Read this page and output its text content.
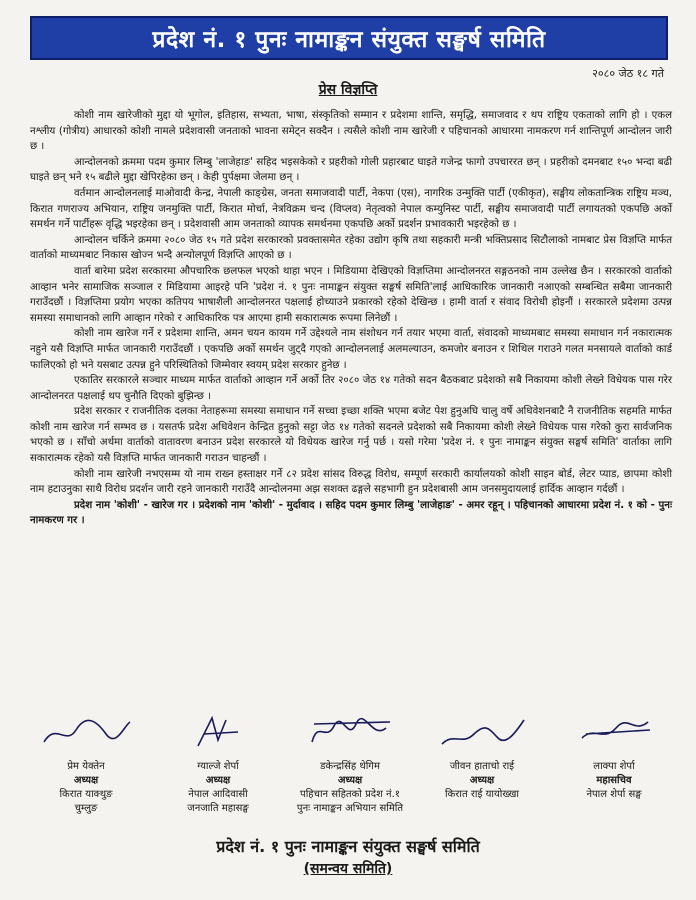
प्रदेश नं. १ पुनः नामाङ्कन संयुक्त सङ्घर्ष समिति
२०८० जेठ १८ गते
प्रेस विज्ञप्ति

कोशी नाम खारेजीको मुद्दा यो भूगोल, इतिहास, सभ्यता, भाषा, संस्कृतिको सम्मान र प्रदेशमा शान्ति, समृद्धि, समाजवाद र थप राष्ट्रिय एकताको लागि हो । एकल नश्लीय (गोत्रीय) आधारको कोशी नामले प्रदेशवासी जनताको भावना समेट्न सक्दैन । त्यसैले कोशी नाम खारेजी र पहिचानको आधारमा नामकरण गर्न शान्तिपूर्ण आन्दोलन जारी छ ।

आन्दोलनको क्रममा पदम कुमार लिम्बु 'लाजेहाङ' सहिद भइसकेको र प्रहरीको गोली प्रहारबाट घाइते गजेन्द्र फागो उपचाररत छन् । प्रहरीको दमनबाट १५० भन्दा बढी घाइते छन् भने १५ बढीले मुद्दा खेपिरहेका छन् । केही पुर्पक्षमा जेलमा छन् ।

वर्तमान आन्दोलनलाई माओवादी केन्द्र, नेपाली काङ्ग्रेस, जनता समाजवादी पार्टी, नेकपा (एस), नागरिक उन्मुक्ति पार्टी (एकीकृत), सङ्घीय लोकतान्त्रिक राष्ट्रिय मञ्च, किरात गणराज्य अभियान, राष्ट्रिय जनमुक्ति पार्टी, किरात मोर्चा, नेत्रविक्रम चन्द (विप्लव) नेतृत्वको नेपाल कम्युनिस्ट पार्टी, सङ्घीय समाजवादी पार्टी लगायतको एकपछि अर्को समर्थन गर्ने पार्टीहरू वृद्धि भइरहेका छन् । प्रदेशवासी आम जनताको व्यापक समर्थनमा एकपछि अर्को प्रदर्शन प्रभावकारी भइरहेको छ ।

आन्दोलन चर्किने क्रममा २०८० जेठ १५ गते प्रदेश सरकारको प्रवक्तासमेत रहेका उद्योग कृषि तथा सहकारी मन्त्री भक्तिप्रसाद सिटौलाको नामबाट प्रेस विज्ञप्ति मार्फत वार्ताको माध्यमबाट निकास खोज्न भन्दै अन्योलपूर्ण विज्ञप्ति आएको छ ।

वार्ता बारेमा प्रदेश सरकारमा औपचारिक छलफल भएको थाहा भएन । मिडियामा देखिएको विज्ञप्तिमा आन्दोलनरत सङ्गठनको नाम उल्लेख छैन । सरकारको वार्ताको आव्हान भनेर सामाजिक सञ्जाल र मिडियामा आइरहे पनि 'प्रदेश नं. १ पुनः नामाङ्कन संयुक्त सङ्घर्ष समिति'लाई आधिकारिक जानकारी नआएको सम्बन्धित सबैमा जानकारी गराउँदछौं । विज्ञप्तिमा प्रयोग भएका कतिपय भाषाशैली आन्दोलनरत पक्षलाई होच्याउने प्रकारको रहेको देखिन्छ । हामी वार्ता र संवाद विरोधी होइनौं । सरकारले प्रदेशमा उत्पन्न समस्या समाधानको लागि आव्हान गरेको र आधिकारिक पत्र आएमा हामी सकारात्मक रूपमा लिनेछौं ।

कोशी नाम खारेज गर्ने र प्रदेशमा शान्ति, अमन चयन कायम गर्ने उद्देश्यले नाम संशोधन गर्न तयार भएमा वार्ता, संवादको माध्यमबाट समस्या समाधान गर्न नकारात्मक नहुने यसै विज्ञप्ति मार्फत जानकारी गराउँदछौं । एकपछि अर्को समर्थन जुट्दै गएको आन्दोलनलाई अलमल्याउन, कमजोर बनाउन र शिथिल गराउने गलत मनसायले वार्ताको कार्ड फालिएको हो भने यसबाट उत्पन्न हुने परिस्थितिको जिम्मेवार स्वयम् प्रदेश सरकार हुनेछ ।

एकातिर सरकारले सञ्चार माध्यम मार्फत वार्ताको आव्हान गर्ने अर्को तिर २०८० जेठ १४ गतेको सदन बैठकबाट प्रदेशको सबै निकायमा कोशी लेख्ने विधेयक पास गरेर आन्दोलनरत पक्षलाई थप चुनौति दिएको बुझिन्छ ।

प्रदेश सरकार र राजनीतिक दलका नेताहरूमा समस्या समाधान गर्ने सच्चा इच्छा शक्ति भएमा बजेट पेश हुनुअघि चालु वर्षे अधिवेशनबाटै नै राजनीतिक सहमति मार्फत कोशी नाम खारेज गर्न सम्भव छ । यसतर्फ प्रदेश अधिवेशन केन्द्रित हुनुको सट्टा जेठ १४ गतेको सदनले प्रदेशको सबै निकायमा कोशी लेख्ने विधेयक पास गरेको कुरा सार्वजनिक भएको छ । साँचो अर्थमा वार्ताको वातावरण बनाउन प्रदेश सरकारले यो विधेयक खारेज गर्नु पर्छ । यसो गरेमा 'प्रदेश नं. १ पुनः नामाङ्कन संयुक्त सङ्घर्ष समिति' वार्ताका लागि सकारात्मक रहेको यसै विज्ञप्ति मार्फत जानकारी गराउन चाहन्छौं ।

कोशी नाम खारेजी नभएसम्म यो नाम राख्न हस्ताक्षर गर्ने ८२ प्रदेश सांसद विरुद्ध विरोध, सम्पूर्ण सरकारी कार्यालयको कोशी साइन बोर्ड, लेटर प्याड, छापमा कोशी नाम हटाउनुका साथै विरोध प्रदर्शन जारी रहने जानकारी गराउँदै आन्दोलनमा अझ सशक्त ढङ्गले सहभागी हुन प्रदेशबासी आम जनसमुदायलाई हार्दिक आव्हान गर्दछौं ।

प्रदेश नाम 'कोशी' - खारेज गर । प्रदेशको नाम 'कोशी' - मुर्दावाद । सहिद पदम कुमार लिम्बु 'लाजेहाङ' - अमर रहून् । पहिचानको आधारमा प्रदेश नं. १ को - पुनः नामकरण गर ।

प्रेम येक्तेन
अध्यक्ष
किरात याक्थुङ
चुम्लुङ
ग्याल्जे शेर्पा
अध्यक्ष
नेपाल आदिवासी
जनजाति महासङ्घ
डकेन्द्रसिंह थेगिम
अध्यक्ष
पहिचान सहितको प्रदेश नं.१
पुनः नामाङ्कन अभियान समिति
जीवन हाताचो राई
अध्यक्ष
किरात राई यायोख्खा
लाक्पा शेर्पा
महासचिव
नेपाल शेर्पा सङ्घ
प्रदेश नं. १ पुनः नामाङ्कन संयुक्त सङ्घर्ष समिति
(समन्वय समिति)
